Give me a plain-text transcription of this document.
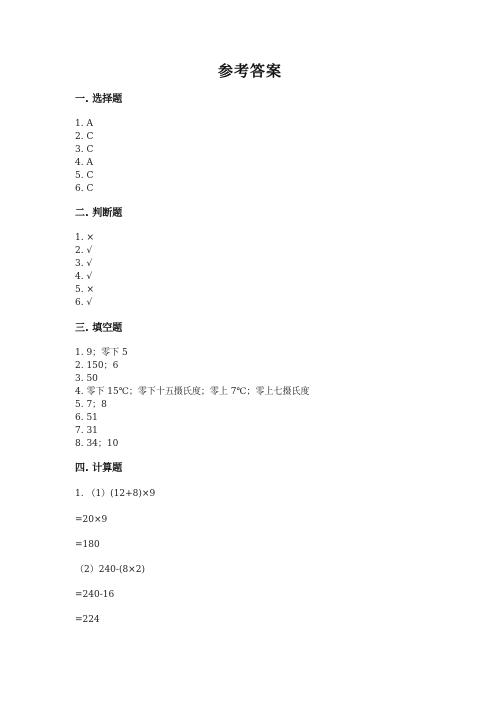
参考答案
一. 选择题
1. A
2. C
3. C
4. A
5. C
6. C
二. 判断题
1. ×
2. √
3. √
4. √
5. ×
6. √
三. 填空题
1. 9；零下 5
2. 150；6
3. 50
4. 零下 15℃；零下十五摄氏度；零上 7℃；零上七摄氏度
5. 7；8
6. 51
7. 31
8. 34；10
四. 计算题
1. （1）(12+8)×9
=20×9
=180
（2）240-(8×2)
=240-16
=224
